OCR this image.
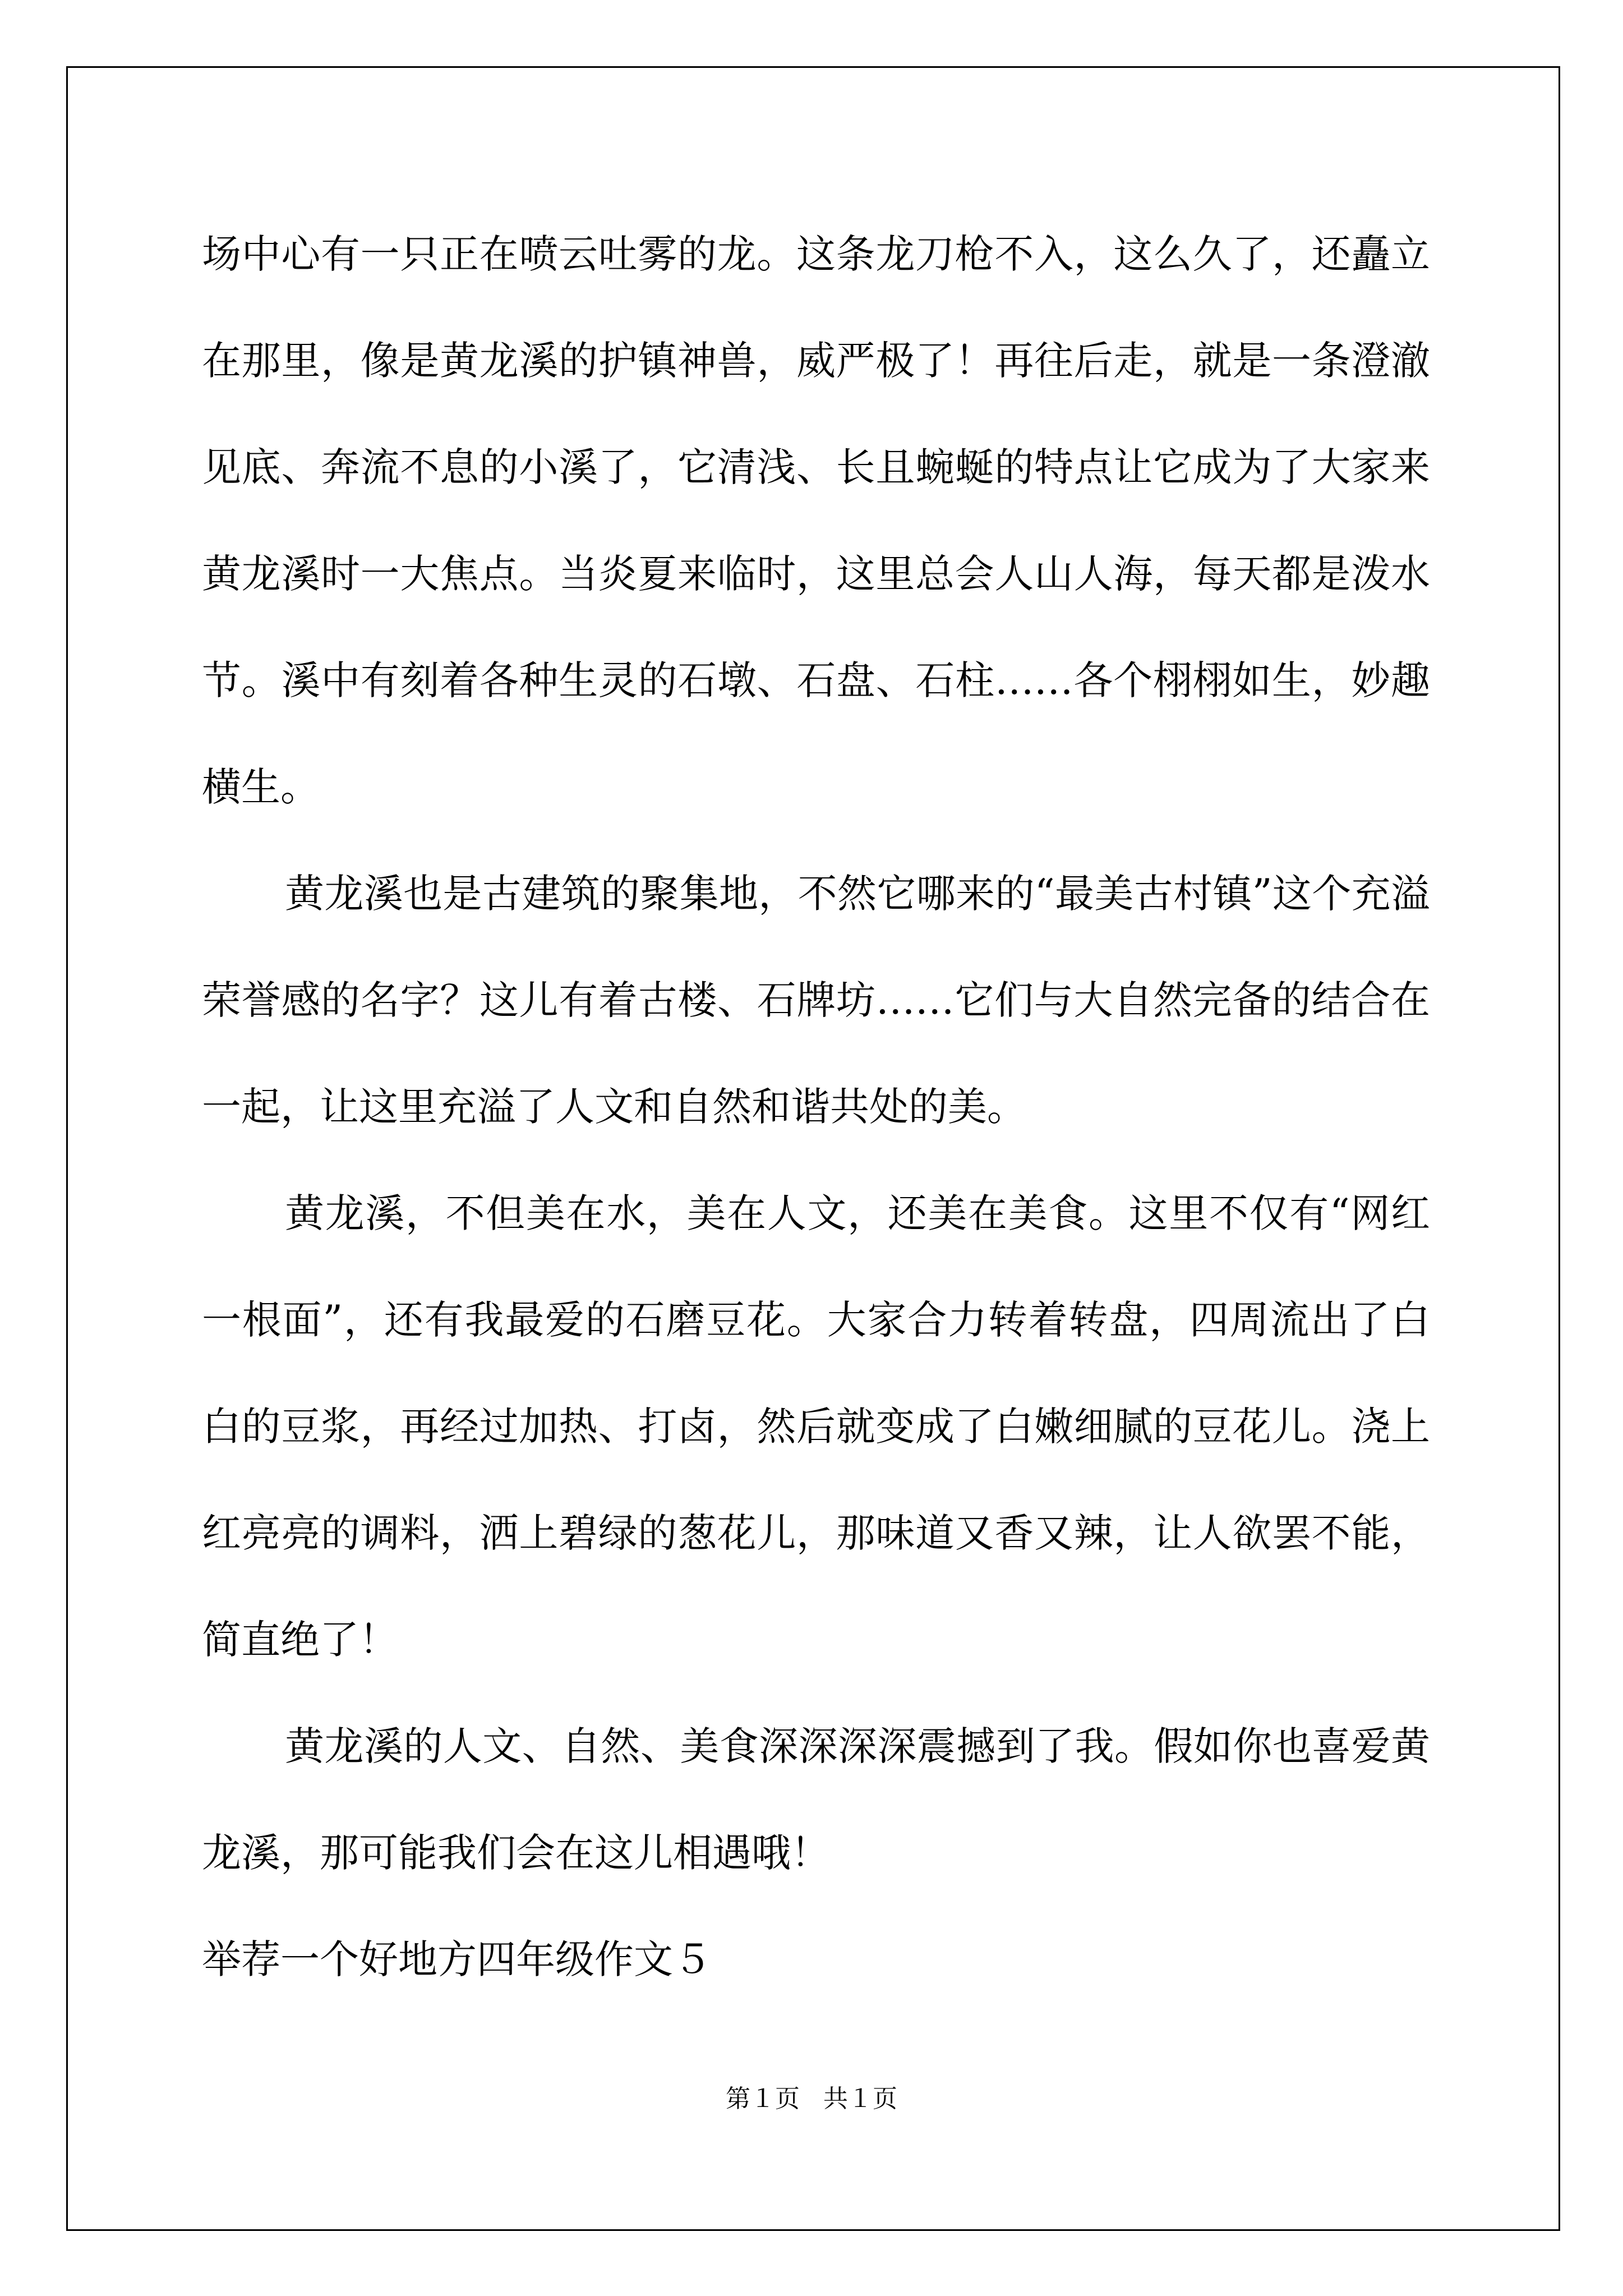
场中心有一只正在喷云吐雾的龙。这条龙刀枪不入，这么久了，还矗立在那里，像是黄龙溪的护镇神兽，威严极了！再往后走，就是一条澄澈见底、奔流不息的小溪了，它清浅、长且蜿蜒的特点让它成为了大家来黄龙溪时一大焦点。当炎夏来临时，这里总会人山人海，每天都是泼水节。溪中有刻着各种生灵的石墩、石盘、石柱……各个栩栩如生，妙趣横生。

黄龙溪也是古建筑的聚集地，不然它哪来的“最美古村镇”这个充溢荣誉感的名字？这儿有着古楼、石牌坊……它们与大自然完备的结合在一起，让这里充溢了人文和自然和谐共处的美。

黄龙溪，不但美在水，美在人文，还美在美食。这里不仅有“网红一根面”，还有我最爱的石磨豆花。大家合力转着转盘，四周流出了白白的豆浆，再经过加热、打卤，然后就变成了白嫩细腻的豆花儿。浇上红亮亮的调料，洒上碧绿的葱花儿，那味道又香又辣，让人欲罢不能，简直绝了！

黄龙溪的人文、自然、美食深深深深震撼到了我。假如你也喜爱黄龙溪，那可能我们会在这儿相遇哦！

举荐一个好地方四年级作文５

第１页 共１页
